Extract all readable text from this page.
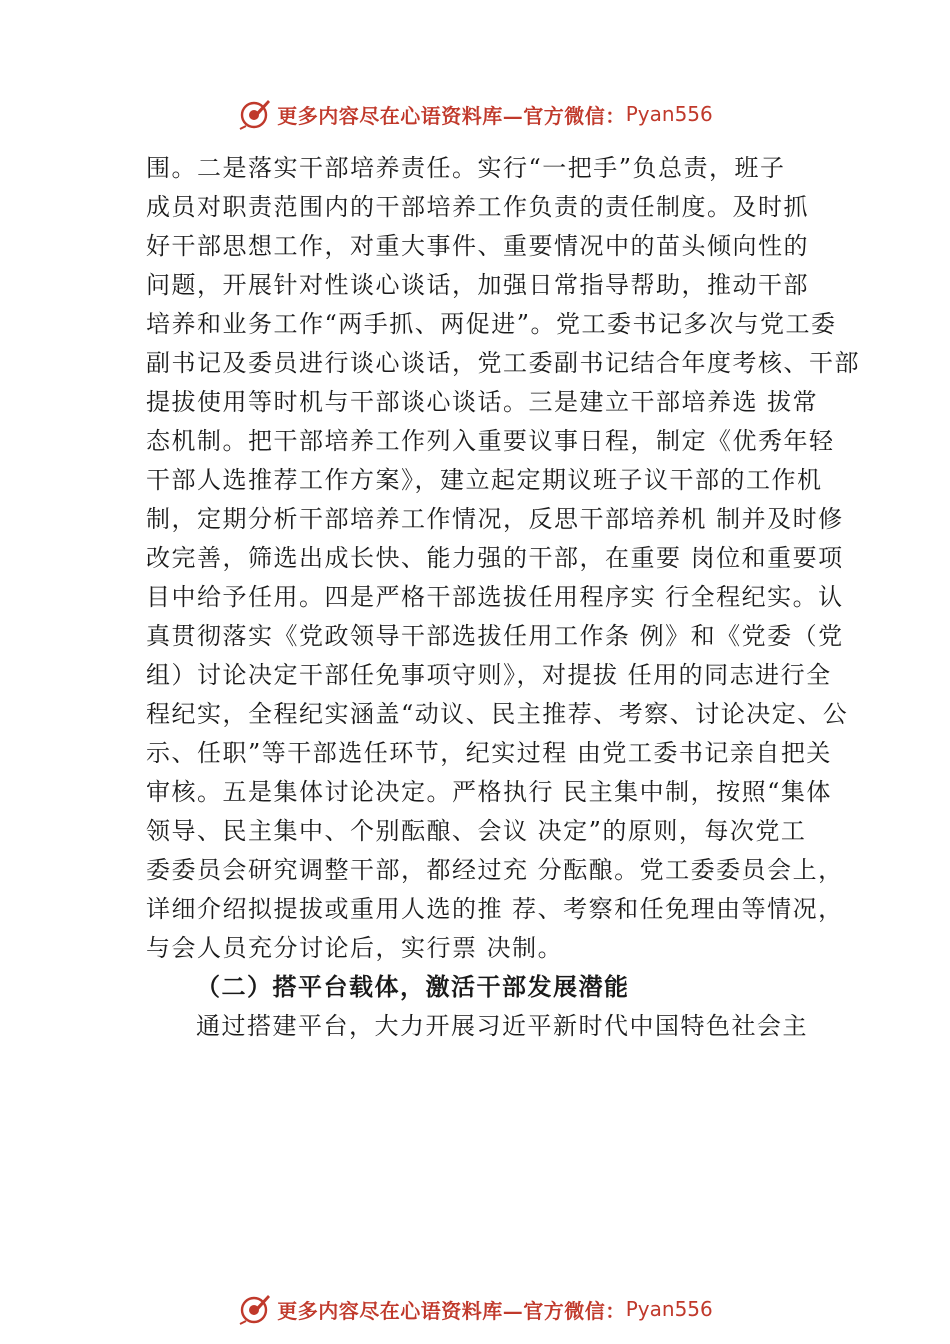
更多内容尽在心语资料库—官方微信： Pyan556
围。二是落实干部培养责任。实行“一把手”负总责，班子
成员对职责范围内的干部培养工作负责的责任制度。及时抓
好干部思想工作，对重大事件、重要情况中的苗头倾向性的
问题，开展针对性谈心谈话，加强日常指导帮助，推动干部
培养和业务工作“两手抓、两促进”。党工委书记多次与党工委
副书记及委员进行谈心谈话，党工委副书记结合年度考核、干部
提拔使用等时机与干部谈心谈话。三是建立干部培养选 拔常
态机制。把干部培养工作列入重要议事日程，制定《优秀年轻
干部人选推荐工作方案》，建立起定期议班子议干部的工作机
制，定期分析干部培养工作情况，反思干部培养机 制并及时修
改完善，筛选出成长快、能力强的干部，在重要 岗位和重要项
目中给予任用。四是严格干部选拔任用程序实 行全程纪实。认
真贯彻落实《党政领导干部选拔任用工作条 例》和《党委（党
组）讨论决定干部任免事项守则》，对提拔 任用的同志进行全
程纪实，全程纪实涵盖“动议、民主推荐、考察、讨论决定、公
示、任职”等干部选任环节，纪实过程 由党工委书记亲自把关
审核。五是集体讨论决定。严格执行 民主集中制，按照“集体
领导、民主集中、个别酝酿、会议 决定”的原则，每次党工
委委员会研究调整干部，都经过充 分酝酿。党工委委员会上，
详细介绍拟提拔或重用人选的推 荐、考察和任免理由等情况，
与会人员充分讨论后，实行票 决制。
（二）搭平台载体，激活干部发展潜能
通过搭建平台，大力开展习近平新时代中国特色社会主
更多内容尽在心语资料库—官方微信： Pyan556
